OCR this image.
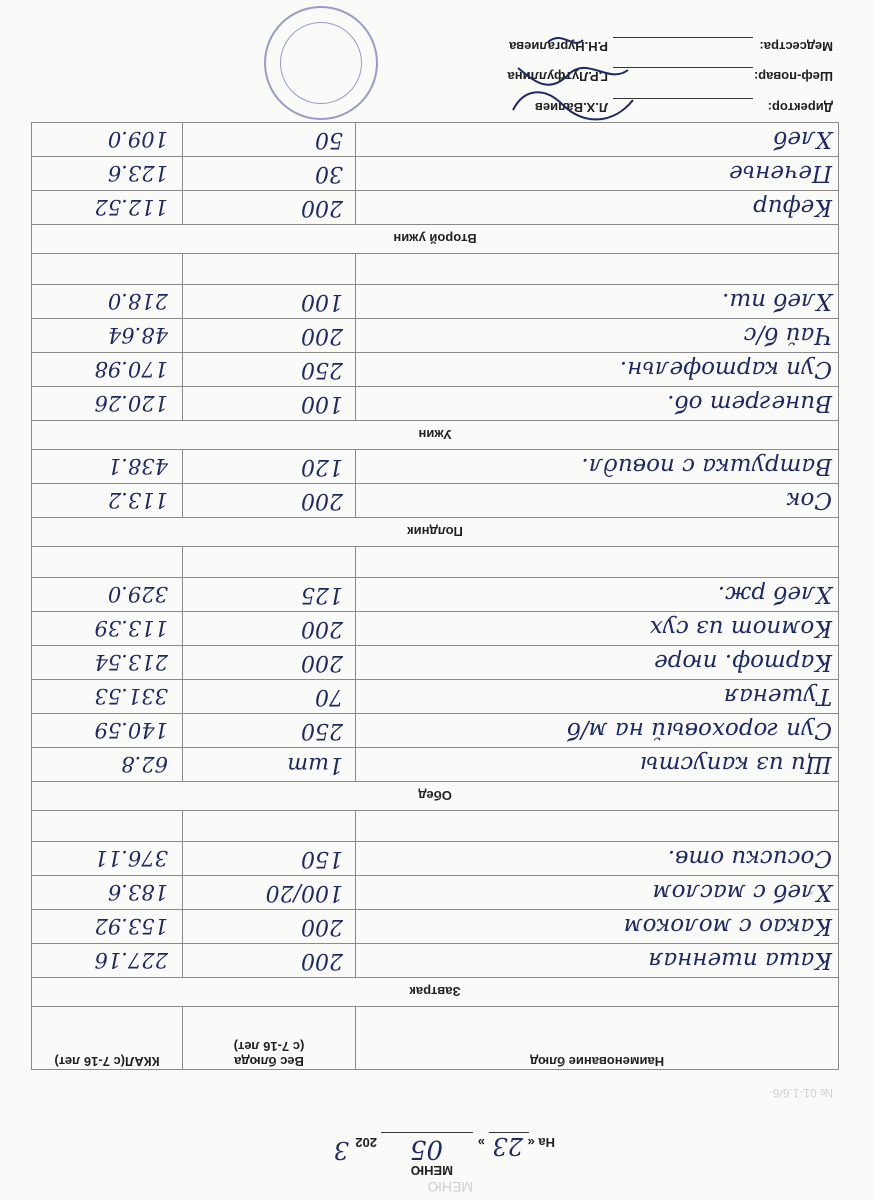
МЕНЮ
№ 01-1.6/6·
МЕНЮ
На «
23
»
05
202
3
Наименование блюд	Вес блюда
(с 7-16 лет)	ККАЛ(с 7-16 лет)
Завтрак		
Каша пшенная	200	227.16
Какао с молоком	200	153.92
Хлеб с маслом	100/20	183.6
Сосиски отв.	150	376.11

Обед		
Щи из капусты	1шт	62.8
Суп гороховый на м/б	250	140.59
Тушеная	70	331.53
Картоф. пюре	200	213.54
Компот из сух	200	113.39
Хлеб рж.	125	329.0

Полдник		
Сок	200	113.2
Ватрушка с повидл.	120	438.1
Ужин		
Винегрет об.	100	120.26
Суп картофельн.	250	170.98
Чай б/с	200	48.64
Хлеб пш.	100	218.0

Второй ужин		
Кефир	200	112.52
Печенье	30	123.6
Хлеб	50	109.0
Директор:
Л.Х.Валиев
Шеф-повар:
Г.Р.Лутфуллина
Медсестра:
Р.Н.Нургалиева
